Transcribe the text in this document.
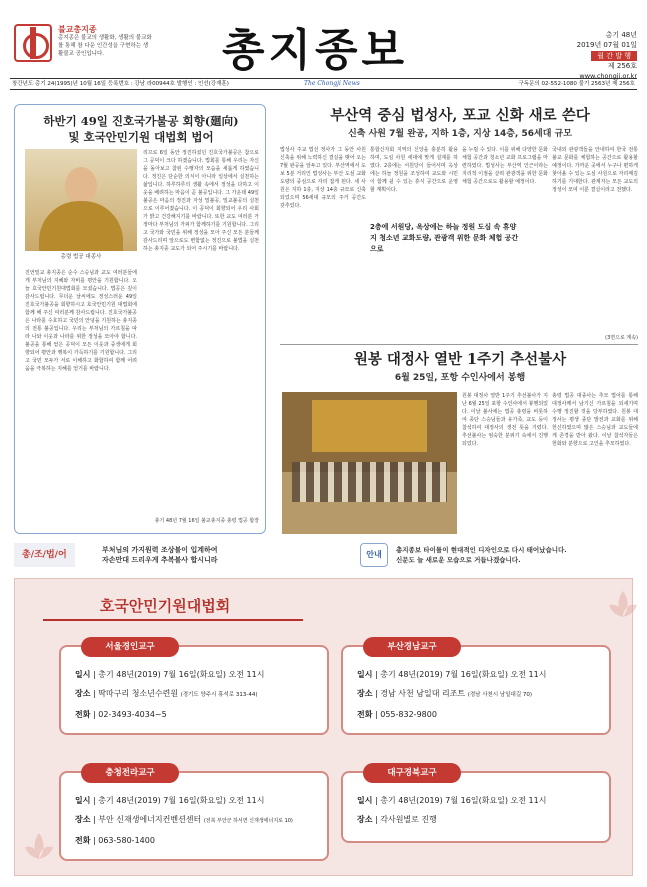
불교총지종
총지종은 불교의 생활화, 생활의 불교화를 통해 참 다운 인간성을 구현하는 생활불교 공인입니다.	총지종보	총기 48년
2019년 07월 01일
월 간 발 행
제 256호
www.chongji.or.kr
창간년도 총기 24(1995)년 10월 16일 등록번호 : 강남 라00944호 발행인 : 인선(강재훈)	The Chongji News	구독문의 02-552-1080 불기 2563년 제 256호
하반기 49일 진호국가불공 회향(廻向)
및 호국안민기원 대법회 법어
총령 법공 대종사
리므로 6일 동안 정진하셨던 진호국가불공은 참으로 그 공덕이 크다 하겠습니다. 법회를 통해 우리는 자신을 돌아보고 참된 수행자의 모습을 새롭게 하였습니다. 정진은 단순한 의식이 아니라 일상에서 실천하는 삶입니다. 하루하루의 생활 속에서 정성을 다하고 이웃을 배려하는 마음이 곧 불공입니다. 그 가운데 49일 불공은 마음의 정진과 자성 밀불공, 밀교불공의 실천으로 이루어졌습니다. 이 공덕이 회향되어 우리 사회가 밝고 건강해지기를 바랍니다. 또한 교도 여러분 가정마다 부처님의 가피가 함께하기를 기원합니다. 그리고 국가와 국민을 위해 정성을 모아 주신 모든 분들께 감사드리며 앞으로도 변함없는 정진으로 불법을 실천하는 총지종 교도가 되어 주시기를 바랍니다.
진언밀교 총지종은 순수 스승님과 교도 여러분들에게 부처님의 지혜와 자비를 평안을 기원합니다. 오늘 호국안민기원대법회를 모셨습니다. 법공은 깊이 감사드립니다. 무더운 날씨에도 정성스러운 49일 진호국가불공을 회향하시고 호국안민기원 대법회에 함께 해 주신 여러분께 감사드립니다. 진호국가불공은 나라를 수호하고 국민의 안녕을 기원하는 총지종의 전통 불공입니다. 우리는 부처님의 가르침을 따라 나와 이웃과 나라를 위한 정성을 모아야 합니다. 불공을 통해 얻은 공덕이 모든 이웃과 중생에게 회향되어 평안과 행복이 가득하기를 기원합니다. 그리고 국민 모두가 서로 이해하고 화합하여 함께 어려움을 극복하는 지혜를 얻기를 바랍니다.
총기 48년 7월 16일 불교총지종 총령 법공 합장
부산역 중심 법성사, 포교 신화 새로 쓴다
신축 사원 7월 완공, 지하 1층, 지상 14층, 56세대 규모
법성사 주교 법선 정사가 그 동안 사원 신축을 위해 노력하신 결실을 맺어 오는 7월 완공을 앞두고 있다. 부산역에서 도보 5분 거리인 법성사는 부산 도심 교화 도량의 중심으로 자리 잡게 된다. 새 사원은 지하 1층, 지상 14층 규모로 신축되었으며 56세대 규모의 주거 공간도 갖추었다.
통합신자회 지역의 신앙을 충분히 활용하며, 도심 사원 세대에 맞게 설계를 하였다. 2층에는 서원당이 들어서며 옥상에는 하늘 정원을 조성하여 교도와 시민이 함께 쉴 수 있는 휴식 공간으로 운영할 계획이다.
2층에 서원당, 옥상에는 하늘 정원 도심 속 휴양지 청소년 교화도량, 관광객 위한 문화 체험 공간으로
을 누릴 수 있다. 이를 위해 다양한 문화 체험 공간과 청소년 교화 프로그램을 마련하였다. 법성사는 부산역 인근이라는 지리적 이점을 살려 관광객을 위한 문화 체험 공간으로도 활용할 예정이다.
국내외 관광객들을 안내하여 한국 전통 불교 문화를 체험하는 공간으로 활용할 예정이다. 가까운 곳에서 누구나 편하게 찾아올 수 있는 도심 사원으로 자리매김하기를 기대한다. 관계자는 모든 교도의 정성이 모여 이룬 결실이라고 전했다.
(3면으로 계속)
원봉 대정사 열반 1주기 추선불사
6월 25일, 포항 수인사에서 봉행
원봉 대정사 열반 1주기 추선불사가 지난 6월 25일 포항 수인사에서 봉행되었다. 이날 불사에는 법공 총령을 비롯하여 종단 스승님들과 유가족, 교도 등이 참석하여 대정사의 생전 뜻을 기렸다. 추선불사는 엄숙한 분위기 속에서 진행되었다.
총령 법공 대종사는 추모 법어를 통해 대정사께서 남기신 가르침을 되새기며 수행 정진할 것을 당부하였다. 원봉 대정사는 평생 종단 발전과 교화를 위해 헌신하였으며 많은 스승님과 교도들에게 존경을 받아 왔다. 이날 참석자들은 헌화와 분향으로 고인을 추모하였다.
총/조/법/어	부처님의 가지원력 조상불이 입계하여
자손만대 드리우게 추복불사 합시니라
안내	총지종보 타이틀이 현대적인 디자인으로 다시 태어났습니다.
신문도 늘 새로운 모습으로 거듭나겠습니다.
호국안민기원대법회
서울경인교구
일시 | 총기 48년(2019) 7월 16일(화요일) 오전 11시
장소 | 딱따구리 청소년수련원 (경기도 양주시 휴석로 313-44)
전화 | 02-3493-4034~5
부산경남교구
일시 | 총기 48년(2019) 7월 16일(화요일) 오전 11시
장소 | 경남 사천 남일대 리조트 (경남 사천시 남일대길 70)
전화 | 055-832-9800
충청전라교구
일시 | 총기 48년(2019) 7월 16일(화요일) 오전 11시
장소 | 부안 신재생에너지컨벤션센터 (전북 부안군 하서면 신재생에너지로 10)
전화 | 063-580-1400
대구경북교구
일시 | 총기 48년(2019) 7월 16일(화요일) 오전 11시
장소 | 각사원별로 진행
